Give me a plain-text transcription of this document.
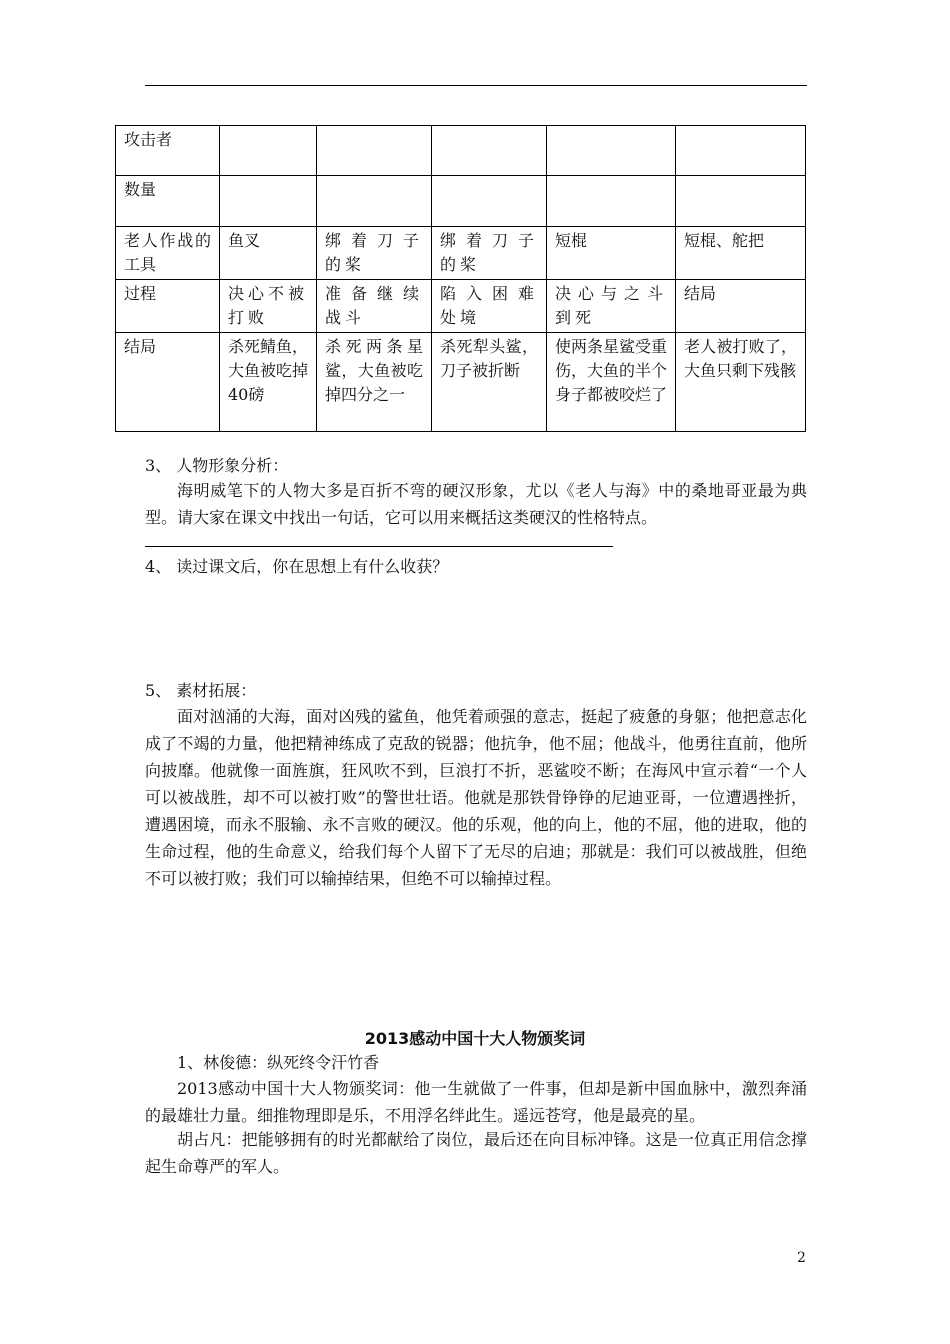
攻击者					
数量					
老人作战的工具	鱼叉	绑着刀子的桨	绑着刀子的桨	短棍	短棍、舵把
过程	决心不被打败	准备继续战斗	陷入困难处境	决心与之斗到死	结局
结局	杀死鲭鱼，大鱼被吃掉40磅	杀死两条星鲨，大鱼被吃掉四分之一	杀死犁头鲨，刀子被折断	使两条星鲨受重伤，大鱼的半个身子都被咬烂了	老人被打败了，大鱼只剩下残骸
3、 人物形象分析：
海明威笔下的人物大多是百折不弯的硬汉形象，尤以《老人与海》中的桑地哥亚最为典型。请大家在课文中找出一句话，它可以用来概括这类硬汉的性格特点。
4、 读过课文后，你在思想上有什么收获？
5、 素材拓展：
面对汹涌的大海，面对凶残的鲨鱼，他凭着顽强的意志，挺起了疲惫的身躯；他把意志化成了不竭的力量，他把精神练成了克敌的锐器；他抗争，他不屈；他战斗，他勇往直前，他所向披靡。他就像一面旌旗，狂风吹不到，巨浪打不折，恶鲨咬不断；在海风中宣示着“一个人可以被战胜，却不可以被打败”的警世壮语。他就是那铁骨铮铮的尼迪亚哥，一位遭遇挫折，遭遇困境，而永不服输、永不言败的硬汉。他的乐观，他的向上，他的不屈，他的进取，他的生命过程，他的生命意义，给我们每个人留下了无尽的启迪；那就是：我们可以被战胜，但绝不可以被打败；我们可以输掉结果，但绝不可以输掉过程。
2013感动中国十大人物颁奖词
1、林俊德：纵死终令汗竹香
2013感动中国十大人物颁奖词：他一生就做了一件事，但却是新中国血脉中，激烈奔涌的最雄壮力量。细推物理即是乐，不用浮名绊此生。遥远苍穹，他是最亮的星。
胡占凡：把能够拥有的时光都献给了岗位，最后还在向目标冲锋。这是一位真正用信念撑起生命尊严的军人。
2
